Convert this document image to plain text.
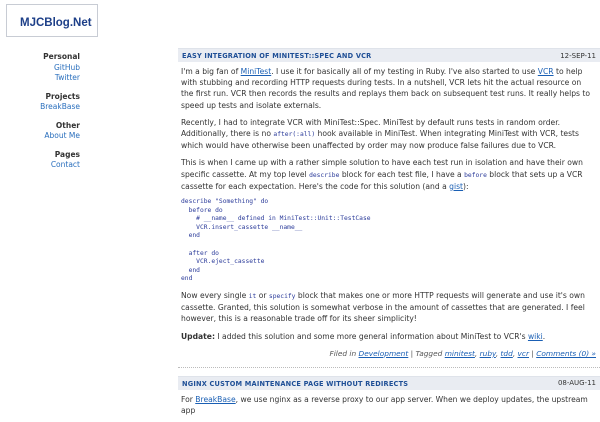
MJCBlog.Net
Personal
GitHub
Twitter
Projects
BreakBase
Other
About Me
Pages
Contact
EASY INTEGRATION OF MINITEST::SPEC AND VCR	12-SEP-11

I'm a big fan of MiniTest. I use it for basically all of my testing in Ruby. I've also started to use VCR to help with stubbing and recording HTTP requests during tests. In a nutshell, VCR lets hit the actual resource on the first run. VCR then records the results and replays them back on subsequent test runs. It really helps to speed up tests and isolate externals.

Recently, I had to integrate VCR with MiniTest::Spec. MiniTest by default runs tests in random order. Additionally, there is no after(:all) hook available in MiniTest. When integrating MiniTest with VCR, tests which would have otherwise been unaffected by order may now produce false failures due to VCR.

This is when I came up with a rather simple solution to have each test run in isolation and have their own specific cassette. At my top level describe block for each test file, I have a before block that sets up a VCR cassette for each expectation. Here's the code for this solution (and a gist):

describe "Something" do
before do
# __name__ defined in MiniTest::Unit::TestCase
VCR.insert_cassette __name__
end

after do
VCR.eject_cassette
end
end

Now every single it or specify block that makes one or more HTTP requests will generate and use it's own cassette. Granted, this solution is somewhat verbose in the amount of cassettes that are generated. I feel however, this is a reasonable trade off for its sheer simplicity!

Update: I added this solution and some more general information about MiniTest to VCR's wiki.

Filed in Development | Tagged minitest, ruby, tdd, vcr | Comments (0) »
NGINX CUSTOM MAINTENANCE PAGE WITHOUT REDIRECTS	08-AUG-11

For BreakBase, we use nginx as a reverse proxy to our app server. When we deploy updates, the upstream app
